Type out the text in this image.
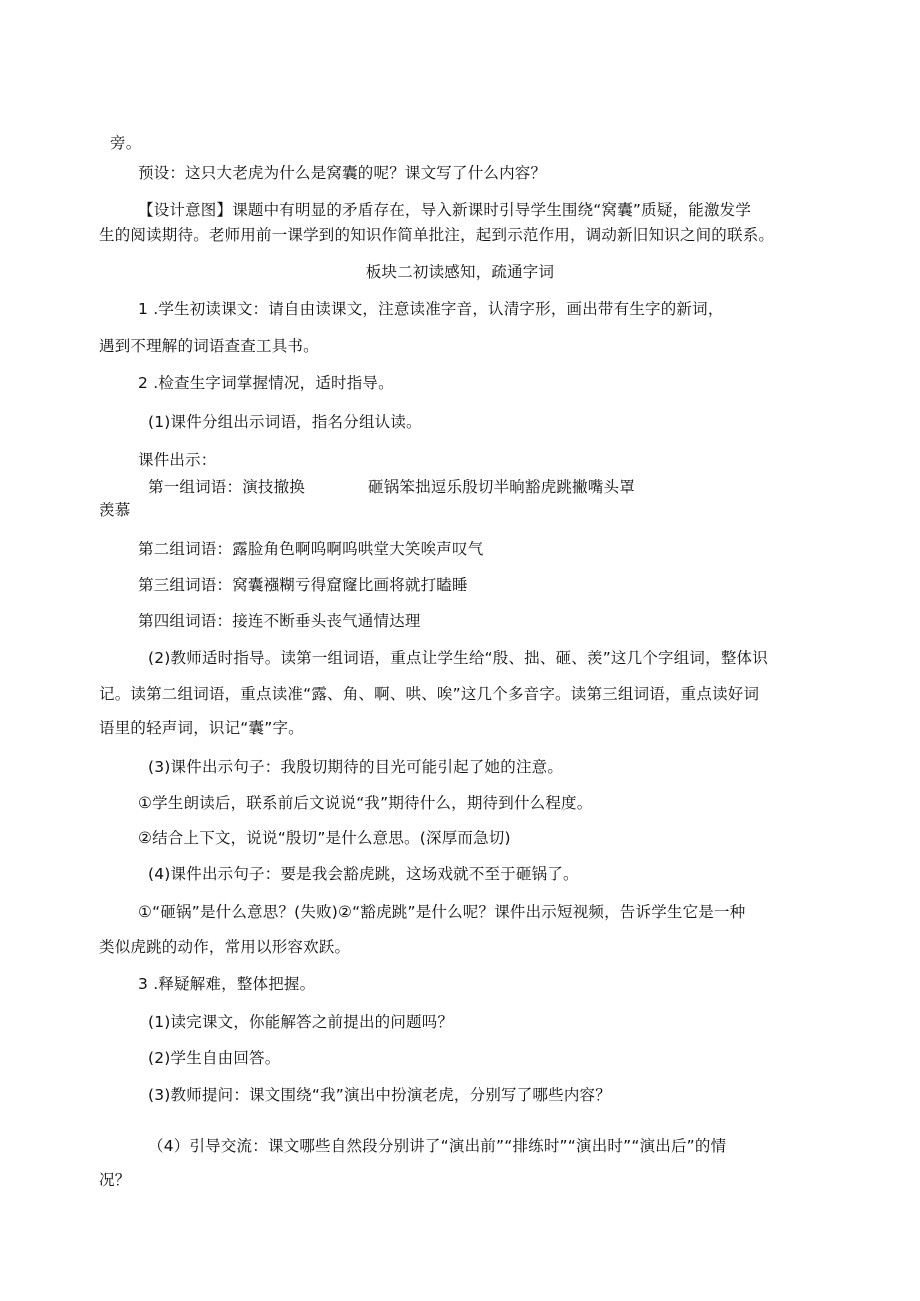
旁。
预设：这只大老虎为什么是窝囊的呢？课文写了什么内容？
【设计意图】课题中有明显的矛盾存在，导入新课时引导学生围绕“窝囊”质疑，能激发学
生的阅读期待。老师用前一课学到的知识作简单批注，起到示范作用，调动新旧知识之间的联系。
板块二初读感知，疏通字词
1 .学生初读课文：请自由读课文，注意读准字音，认清字形，画出带有生字的新词，
遇到不理解的词语查查工具书。
2 .检查生字词掌握情况，适时指导。
(1)课件分组出示词语，指名分组认读。
课件出示：
第一组词语：演技撤换	砸锅笨拙逗乐殷切半晌豁虎跳撇嘴头罩
羡慕
第二组词语：露脸角色啊呜啊呜哄堂大笑唉声叹气
第三组词语：窝囊襁糊亏得窟窿比画将就打瞌睡
第四组词语：接连不断垂头丧气通情达理
(2)教师适时指导。读第一组词语，重点让学生给“殷、拙、砸、羡”这几个字组词，整体识
记。读第二组词语，重点读准“露、角、啊、哄、唉”这几个多音字。读第三组词语，重点读好词
语里的轻声词，识记“囊”字。
(3)课件出示句子：我殷切期待的目光可能引起了她的注意。
①学生朗读后，联系前后文说说“我”期待什么，期待到什么程度。
②结合上下文，说说“殷切”是什么意思。(深厚而急切)
(4)课件出示句子：要是我会豁虎跳，这场戏就不至于砸锅了。
①“砸锅”是什么意思？(失败)②“豁虎跳”是什么呢？课件出示短视频，告诉学生它是一种
类似虎跳的动作，常用以形容欢跃。
3 .释疑解难，整体把握。
(1)读完课文，你能解答之前提出的问题吗？
(2)学生自由回答。
(3)教师提问：课文围绕“我”演出中扮演老虎，分别写了哪些内容？
（4）引导交流：课文哪些自然段分别讲了“演出前”“排练时”“演出时”“演出后”的情
况？
